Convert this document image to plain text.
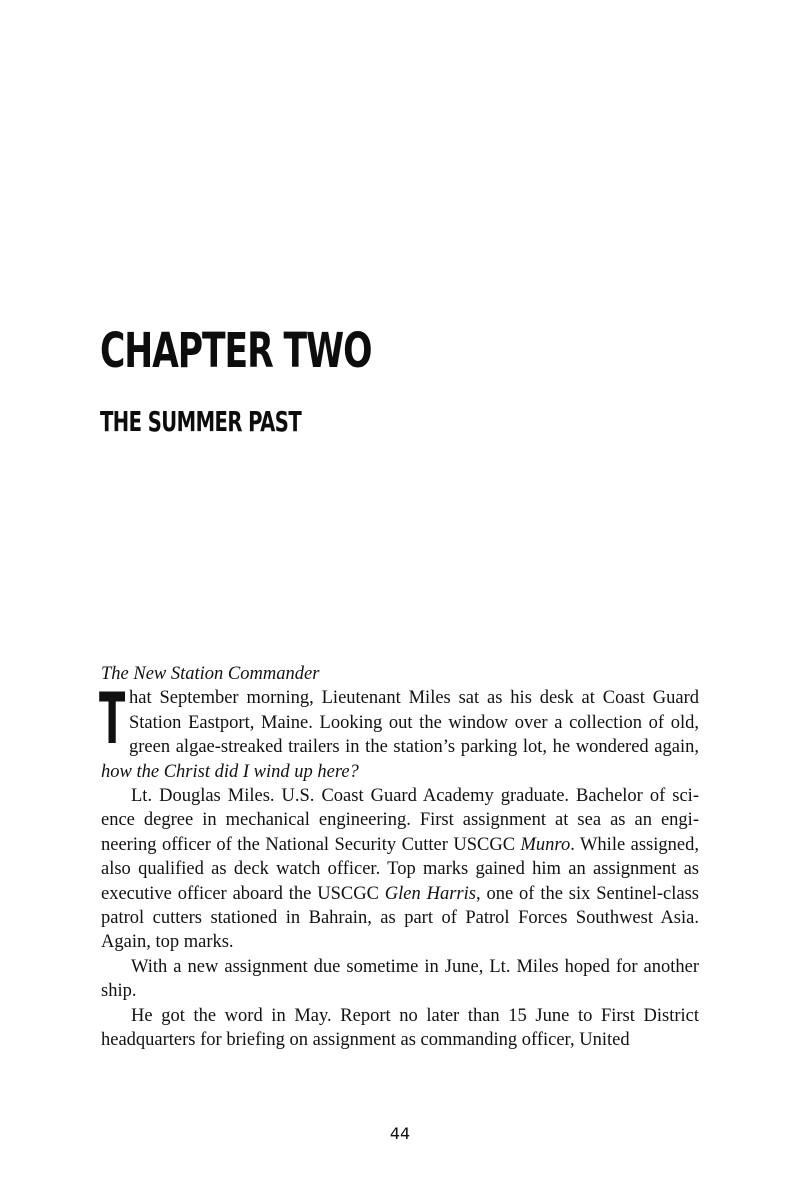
CHAPTER TWO
THE SUMMER PAST

The New Station Commander

That September morning, Lieutenant Miles sat as his desk at Coast Guard Station Eastport, Maine. Looking out the window over a collection of old, green algae-streaked trailers in the station’s parking lot, he wondered again, how the Christ did I wind up here?

Lt. Douglas Miles. U.S. Coast Guard Academy graduate. Bachelor of science degree in mechanical engineering. First assignment at sea as an engineering officer of the National Security Cutter USCGC Munro. While assigned, also qualified as deck watch officer. Top marks gained him an assignment as executive officer aboard the USCGC Glen Harris, one of the six Sentinel-class patrol cutters stationed in Bahrain, as part of Patrol Forces Southwest Asia. Again, top marks.

With a new assignment due sometime in June, Lt. Miles hoped for another ship.

He got the word in May. Report no later than 15 June to First District headquarters for briefing on assignment as commanding officer, United

44
